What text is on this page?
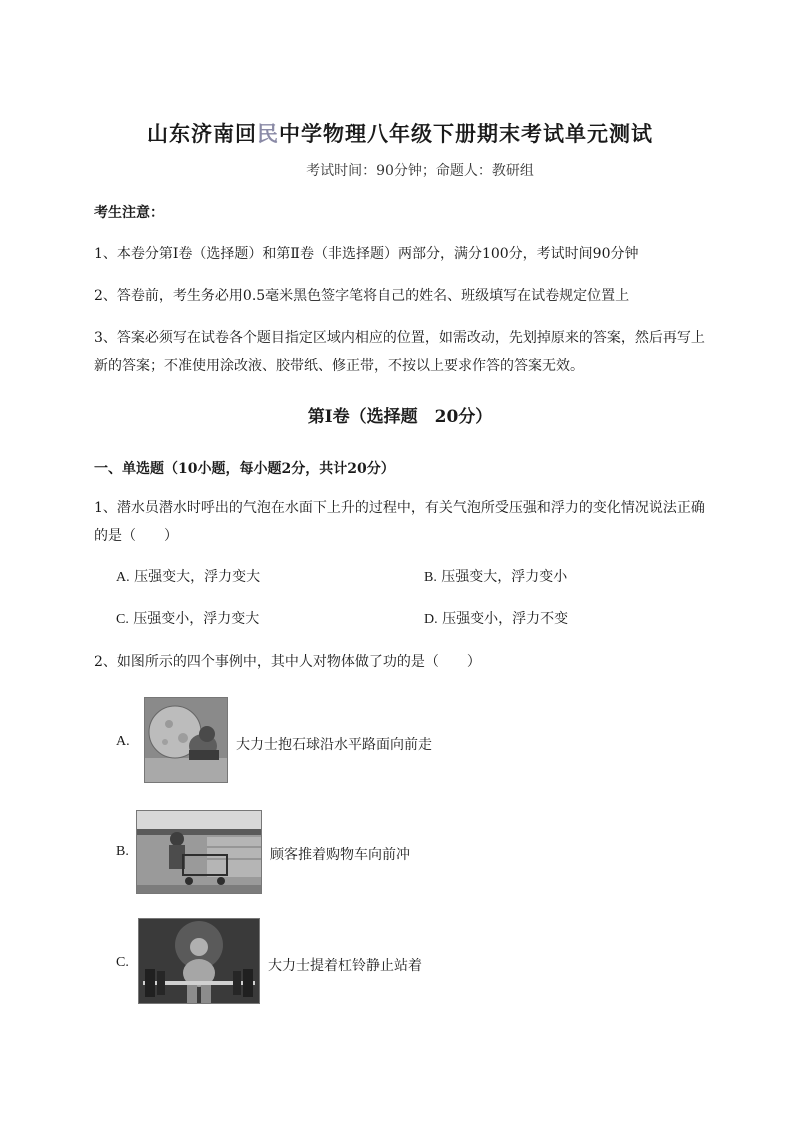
山东济南回民中学物理八年级下册期末考试单元测试
考试时间：90分钟；命题人：教研组
考生注意：
1、本卷分第Ⅰ卷（选择题）和第Ⅱ卷（非选择题）两部分，满分100分，考试时间90分钟
2、答卷前，考生务必用0.5毫米黑色签字笔将自己的姓名、班级填写在试卷规定位置上
3、答案必须写在试卷各个题目指定区域内相应的位置，如需改动，先划掉原来的答案，然后再写上新的答案；不准使用涂改液、胶带纸、修正带，不按以上要求作答的答案无效。
第Ⅰ卷（选择题　20分）
一、单选题（10小题，每小题2分，共计20分）
1、潜水员潜水时呼出的气泡在水面下上升的过程中，有关气泡所受压强和浮力的变化情况说法正确的是（　　）
A. 压强变大，浮力变大	B. 压强变大，浮力变小
C. 压强变小，浮力变大	D. 压强变小，浮力不变
2、如图所示的四个事例中，其中人对物体做了功的是（　　）
A.	大力士抱石球沿水平路面向前走
B.	顾客推着购物车向前冲
C.	大力士提着杠铃静止站着
